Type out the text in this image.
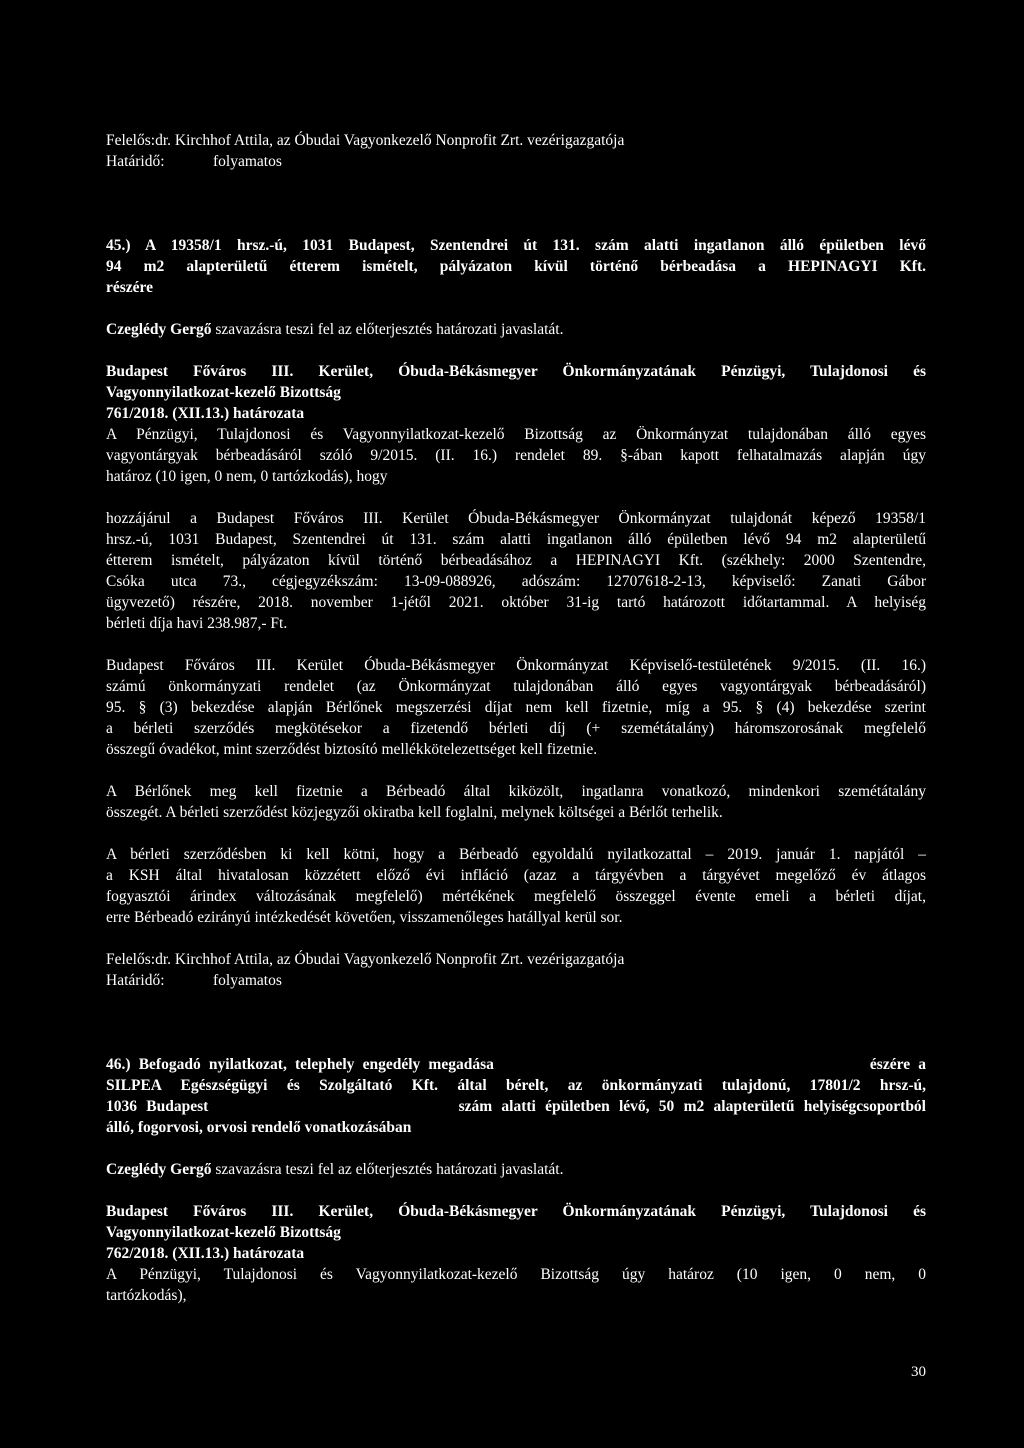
Felelős:dr. Kirchhof Attila, az Óbudai Vagyonkezelő Nonprofit Zrt. vezérigazgatója

Határidő:	folyamatos

45.) A 19358/1 hrsz.-ú, 1031 Budapest, Szentendrei út 131. szám alatti ingatlanon álló épületben lévő
94 m2 alapterületű étterem ismételt, pályázaton kívül történő bérbeadása a HEPINAGYI Kft.
részére

Czeglédy Gergő szavazásra teszi fel az előterjesztés határozati javaslatát.

Budapest Főváros III. Kerület, Óbuda-Békásmegyer Önkormányzatának Pénzügyi, Tulajdonosi és
Vagyonnyilatkozat-kezelő Bizottság

761/2018. (XII.13.) határozata

A Pénzügyi, Tulajdonosi és Vagyonnyilatkozat-kezelő Bizottság az Önkormányzat tulajdonában álló egyes
vagyontárgyak bérbeadásáról szóló 9/2015. (II. 16.) rendelet 89. §-ában kapott felhatalmazás alapján úgy
határoz (10 igen, 0 nem, 0 tartózkodás), hogy
hozzájárul a Budapest Főváros III. Kerület Óbuda-Békásmegyer Önkormányzat tulajdonát képező 19358/1
hrsz.-ú, 1031 Budapest, Szentendrei út 131. szám alatti ingatlanon álló épületben lévő 94 m2 alapterületű
étterem ismételt, pályázaton kívül történő bérbeadásához a HEPINAGYI Kft. (székhely: 2000 Szentendre,
Csóka utca 73., cégjegyzékszám: 13-09-088926, adószám: 12707618-2-13, képviselő: Zanati Gábor
ügyvezető) részére, 2018. november 1-jétől 2021. október 31-ig tartó határozott időtartammal. A helyiség
bérleti díja havi 238.987,- Ft.
Budapest Főváros III. Kerület Óbuda-Békásmegyer Önkormányzat Képviselő-testületének 9/2015. (II. 16.)
számú önkormányzati rendelet (az Önkormányzat tulajdonában álló egyes vagyontárgyak bérbeadásáról)
95. § (3) bekezdése alapján Bérlőnek megszerzési díjat nem kell fizetnie, míg a 95. § (4) bekezdése szerint
a bérleti szerződés megkötésekor a fizetendő bérleti díj (+ szemétátalány) háromszorosának megfelelő
összegű óvadékot, mint szerződést biztosító mellékkötelezettséget kell fizetnie.
A Bérlőnek meg kell fizetnie a Bérbeadó által kiközölt, ingatlanra vonatkozó, mindenkori szemétátalány
összegét. A bérleti szerződést közjegyzői okiratba kell foglalni, melynek költségei a Bérlőt terhelik.
A bérleti szerződésben ki kell kötni, hogy a Bérbeadó egyoldalú nyilatkozattal – 2019. január 1. napjától –
a KSH által hivatalosan közzétett előző évi infláció (azaz a tárgyévben a tárgyévet megelőző év átlagos
fogyasztói árindex változásának megfelelő) mértékének megfelelő összeggel évente emeli a bérleti díjat,
erre Bérbeadó ezirányú intézkedését követően, visszamenőleges hatállyal kerül sor.

Felelős:dr. Kirchhof Attila, az Óbudai Vagyonkezelő Nonprofit Zrt. vezérigazgatója

Határidő:	folyamatos

46.) Befogadó nyilatkozat, telephely engedély megadása                                              észére a
SILPEA Egészségügyi és Szolgáltató Kft. által bérelt, az önkormányzati tulajdonú, 17801/2 hrsz-ú,
1036 Budapest                           szám alatti épületben lévő, 50 m2 alapterületű helyiségcsoportból
álló, fogorvosi, orvosi rendelő vonatkozásában

Czeglédy Gergő szavazásra teszi fel az előterjesztés határozati javaslatát.

Budapest Főváros III. Kerület, Óbuda-Békásmegyer Önkormányzatának Pénzügyi, Tulajdonosi és
Vagyonnyilatkozat-kezelő Bizottság

762/2018. (XII.13.) határozata

A Pénzügyi, Tulajdonosi és Vagyonnyilatkozat-kezelő Bizottság úgy határoz (10 igen, 0 nem, 0
tartózkodás),
30
